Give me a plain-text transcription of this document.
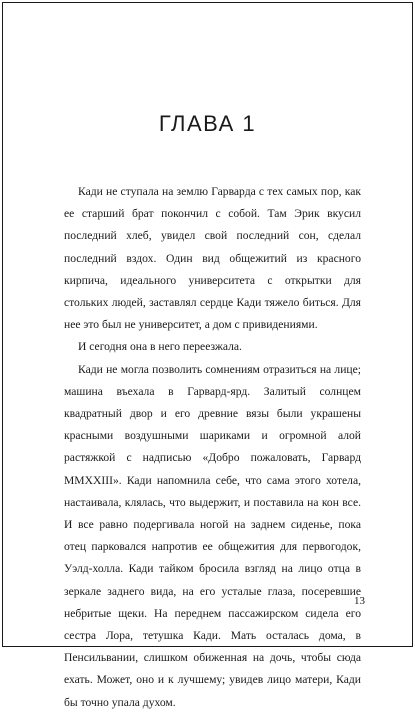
ГЛАВА 1

Кади не ступала на землю Гарварда с тех самых пор, как ее старший брат покончил с собой. Там Эрик вкусил последний хлеб, увидел свой последний сон, сделал последний вздох. Один вид общежитий из красного кирпича, идеального университета с открытки для стольких людей, заставлял сердце Кади тяжело биться. Для нее это был не университет, а дом с привидениями.

И сегодня она в него переезжала.

Кади не могла позволить сомнениям отразиться на лице; машина въехала в Гарвард-ярд. Залитый солнцем квадратный двор и его древние вязы были украшены красными воздушными шариками и огромной алой растяжкой с надписью «Добро пожаловать, Гарвард MMXXIII». Кади напомнила себе, что сама этого хотела, настаивала, клялась, что выдержит, и поставила на кон все. И все равно подергивала ногой на заднем сиденье, пока отец парковался напротив ее общежития для первогодок, Уэлд-холла. Кади тайком бросила взгляд на лицо отца в зеркале заднего вида, на его усталые глаза, посеревшие небритые щеки. На переднем пассажирском сидела его сестра Лора, тетушка Кади. Мать осталась дома, в Пенсильвании, слишком обиженная на дочь, чтобы сюда ехать. Может, оно и к лучшему; увидев лицо матери, Кади бы точно упала духом.

13
